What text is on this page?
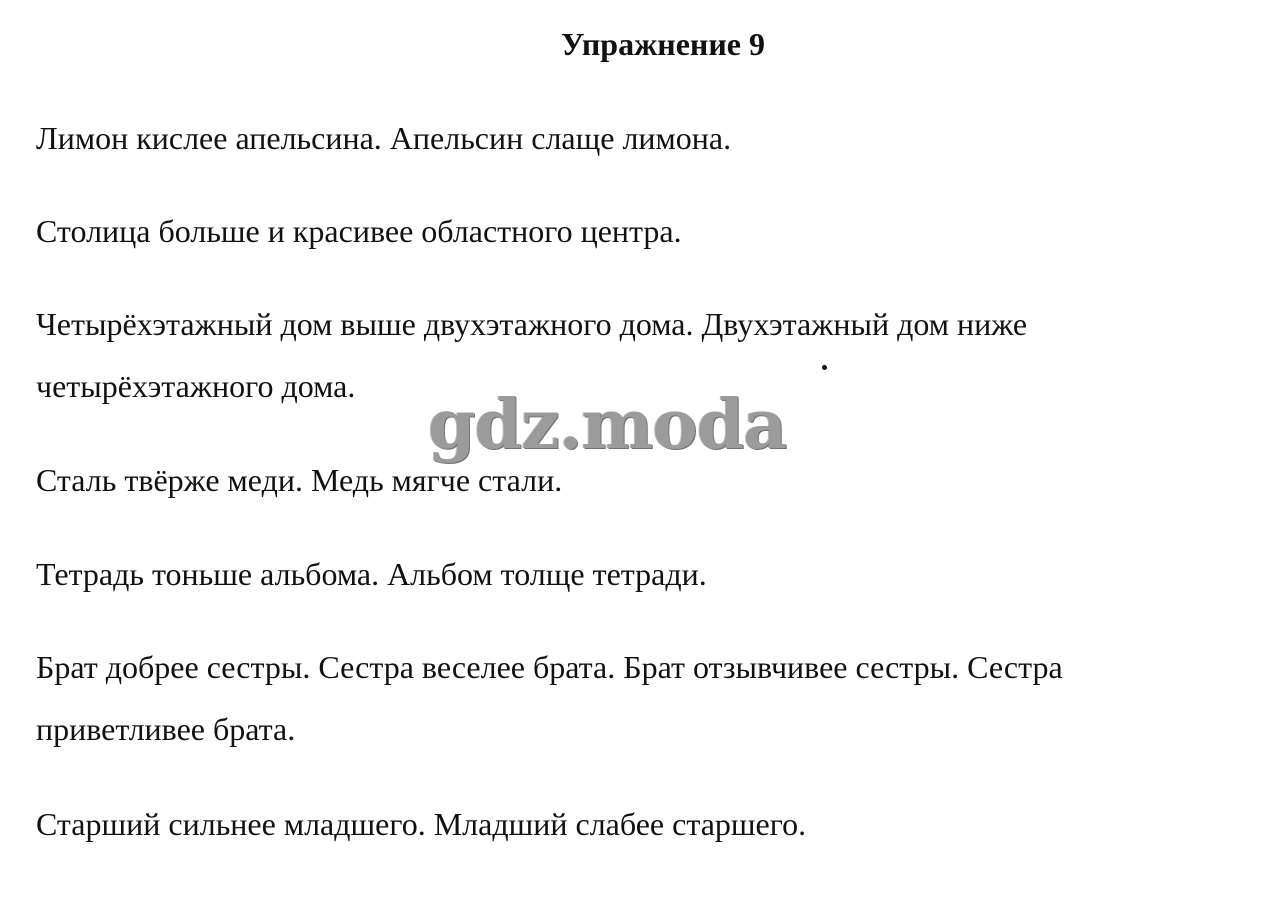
Упражнение 9
Лимон кислее апельсина. Апельсин слаще лимона.
Столица больше и красивее областного центра.
Четырёхэтажный дом выше двухэтажного дома. Двухэтажный дом ниже
четырёхэтажного дома.
Сталь твёрже меди. Медь мягче стали.
Тетрадь тоньше альбома. Альбом толще тетради.
Брат добрее сестры. Сестра веселее брата. Брат отзывчивее сестры. Сестра
приветливее брата.
Старший сильнее младшего. Младший слабее старшего.
gdz.moda
